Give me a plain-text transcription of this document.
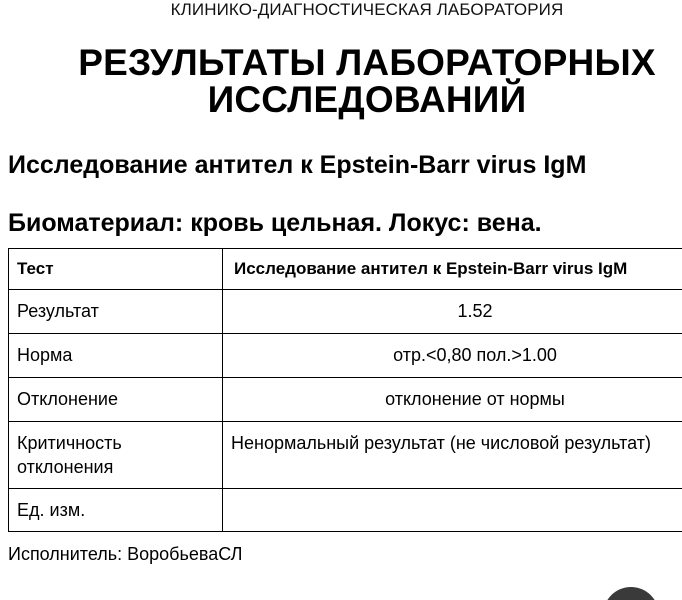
КЛИНИКО-ДИАГНОСТИЧЕСКАЯ ЛАБОРАТОРИЯ
РЕЗУЛЬТАТЫ ЛАБОРАТОРНЫХ
ИССЛЕДОВАНИЙ
Исследование антител к Epstein-Barr virus IgM
Биоматериал: кровь цельная. Локус: вена.
Тест	Исследование антител к Epstein-Barr virus IgM
Результат	1.52
Норма	отр.<0,80 пол.>1.00
Отклонение	отклонение от нормы
Критичность отклонения	Ненормальный результат (не числовой результат)
Ед. изм.	
Исполнитель: ВоробьеваСЛ
